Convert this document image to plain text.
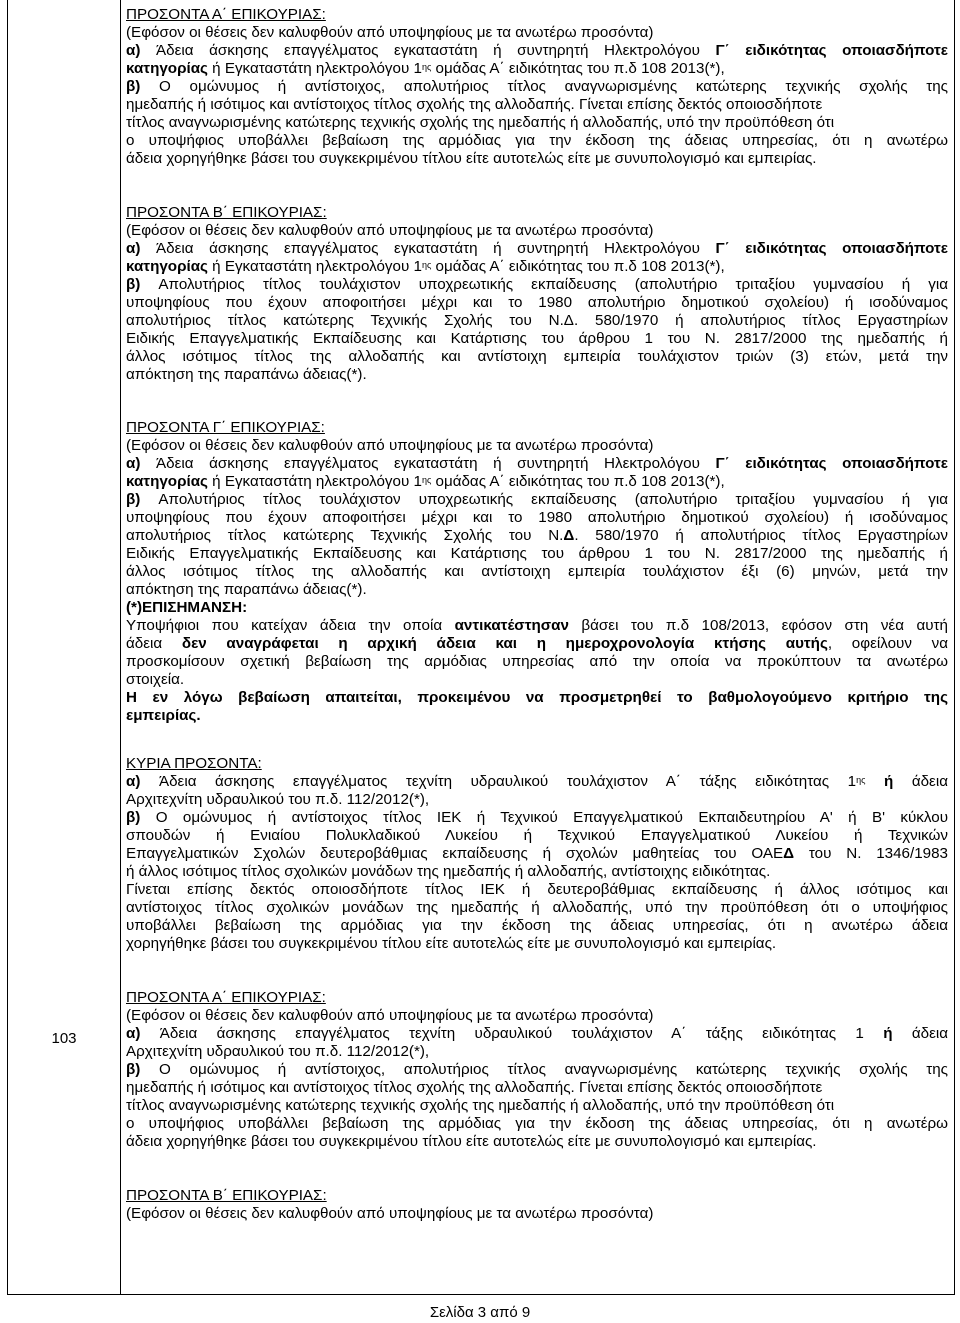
103
ΠΡΟΣΟΝΤΑ Α΄ ΕΠΙΚΟΥΡΙΑΣ:
(Εφόσον οι θέσεις δεν καλυφθούν από υποψηφίους με τα ανωτέρω προσόντα)
α) Άδεια άσκησης επαγγέλματος εγκαταστάτη ή συντηρητή Ηλεκτρολόγου Γ΄ ειδικότητας οποιασδήποτε
κατηγορίας ή Εγκαταστάτη ηλεκτρολόγου $1^{\eta\varsigma}$ ομάδας Α΄ ειδικότητας του π.δ 108 2013(*),
β) Ο ομώνυμος ή αντίστοιχος, απολυτήριος τίτλος αναγνωρισμένης κατώτερης τεχνικής σχολής της
ημεδαπής ή ισότιμος και αντίστοιχος τίτλος σχολής της αλλοδαπής. Γίνεται επίσης δεκτός οποιοσδήποτε
τίτλος αναγνωρισμένης κατώτερης τεχνικής σχολής της ημεδαπής ή αλλοδαπής, υπό την προϋπόθεση ότι
ο υποψήφιος υποβάλλει βεβαίωση της αρμόδιας για την έκδοση της άδειας υπηρεσίας, ότι η ανωτέρω
άδεια χορηγήθηκε βάσει του συγκεκριμένου τίτλου είτε αυτοτελώς είτε με συνυπολογισμό και εμπειρίας.
ΠΡΟΣΟΝΤΑ Β΄ ΕΠΙΚΟΥΡΙΑΣ:
(Εφόσον οι θέσεις δεν καλυφθούν από υποψηφίους με τα ανωτέρω προσόντα)
α) Άδεια άσκησης επαγγέλματος εγκαταστάτη ή συντηρητή Ηλεκτρολόγου Γ΄ ειδικότητας οποιασδήποτε
κατηγορίας ή Εγκαταστάτη ηλεκτρολόγου $1^{\eta\varsigma}$ ομάδας Α΄ ειδικότητας του π.δ 108 2013(*),
β) Απολυτήριος τίτλος τουλάχιστον υποχρεωτικής εκπαίδευσης (απολυτήριο τριταξίου γυμνασίου ή για
υποψηφίους που έχουν αποφοιτήσει μέχρι και το 1980 απολυτήριο δημοτικού σχολείου) ή ισοδύναμος
απολυτήριος τίτλος κατώτερης Τεχνικής Σχολής του Ν.Δ. 580/1970 ή απολυτήριος τίτλος Εργαστηρίων
Ειδικής Επαγγελματικής Εκπαίδευσης και Κατάρτισης του άρθρου 1 του Ν. 2817/2000 της ημεδαπής ή
άλλος ισότιμος τίτλος της αλλοδαπής και αντίστοιχη εμπειρία τουλάχιστον τριών (3) ετών, μετά την
απόκτηση της παραπάνω άδειας(*).
ΠΡΟΣΟΝΤΑ Γ΄ ΕΠΙΚΟΥΡΙΑΣ:
(Εφόσον οι θέσεις δεν καλυφθούν από υποψηφίους με τα ανωτέρω προσόντα)
α) Άδεια άσκησης επαγγέλματος εγκαταστάτη ή συντηρητή Ηλεκτρολόγου Γ΄ ειδικότητας οποιασδήποτε
κατηγορίας ή Εγκαταστάτη ηλεκτρολόγου $1^{\eta\varsigma}$ ομάδας Α΄ ειδικότητας του π.δ 108 2013(*),
β) Απολυτήριος τίτλος τουλάχιστον υποχρεωτικής εκπαίδευσης (απολυτήριο τριταξίου γυμνασίου ή για
υποψηφίους που έχουν αποφοιτήσει μέχρι και το 1980 απολυτήριο δημοτικού σχολείου) ή ισοδύναμος
απολυτήριος τίτλος κατώτερης Τεχνικής Σχολής του Ν.Δ. 580/1970 ή απολυτήριος τίτλος Εργαστηρίων
Ειδικής Επαγγελματικής Εκπαίδευσης και Κατάρτισης του άρθρου 1 του Ν. 2817/2000 της ημεδαπής ή
άλλος ισότιμος τίτλος της αλλοδαπής και αντίστοιχη εμπειρία τουλάχιστον έξι (6) μηνών, μετά την
απόκτηση της παραπάνω άδειας(*).
(*)ΕΠΙΣΗΜΑΝΣΗ:
Υποψήφιοι που κατείχαν άδεια την οποία αντικατέστησαν βάσει του π.δ 108/2013, εφόσον στη νέα αυτή
άδεια δεν αναγράφεται η αρχική άδεια και η ημεροχρονολογία κτήσης αυτής, οφείλουν να
προσκομίσουν σχετική βεβαίωση της αρμόδιας υπηρεσίας από την οποία να προκύπτουν τα ανωτέρω
στοιχεία.
Η εν λόγω βεβαίωση απαιτείται, προκειμένου να προσμετρηθεί το βαθμολογούμενο κριτήριο της
εμπειρίας.
ΚΥΡΙΑ ΠΡΟΣΟΝΤΑ:
α) Άδεια άσκησης επαγγέλματος τεχνίτη υδραυλικού τουλάχιστον Α΄ τάξης ειδικότητας $1^{\eta\varsigma}$ ή άδεια
Αρχιτεχνίτη υδραυλικού του π.δ. 112/2012(*),
β) Ο ομώνυμος ή αντίστοιχος τίτλος ΙΕΚ ή Τεχνικού Επαγγελματικού Εκπαιδευτηρίου Α' ή Β' κύκλου
σπουδών ή Ενιαίου Πολυκλαδικού Λυκείου ή Τεχνικού Επαγγελματικού Λυκείου ή Τεχνικών
Επαγγελματικών Σχολών δευτεροβάθμιας εκπαίδευσης ή σχολών μαθητείας του ΟΑΕΔ του Ν. 1346/1983
ή άλλος ισότιμος τίτλος σχολικών μονάδων της ημεδαπής ή αλλοδαπής, αντίστοιχης ειδικότητας.
Γίνεται επίσης δεκτός οποιοσδήποτε τίτλος ΙΕΚ ή δευτεροβάθμιας εκπαίδευσης ή άλλος ισότιμος και
αντίστοιχος τίτλος σχολικών μονάδων της ημεδαπής ή αλλοδαπής, υπό την προϋπόθεση ότι ο υποψήφιος
υποβάλλει βεβαίωση της αρμόδιας για την έκδοση της άδειας υπηρεσίας, ότι η ανωτέρω άδεια
χορηγήθηκε βάσει του συγκεκριμένου τίτλου είτε αυτοτελώς είτε με συνυπολογισμό και εμπειρίας.
ΠΡΟΣΟΝΤΑ Α΄ ΕΠΙΚΟΥΡΙΑΣ:
(Εφόσον οι θέσεις δεν καλυφθούν από υποψηφίους με τα ανωτέρω προσόντα)
α) Άδεια άσκησης επαγγέλματος τεχνίτη υδραυλικού τουλάχιστον Α΄ τάξης ειδικότητας 1 ή άδεια
Αρχιτεχνίτη υδραυλικού του π.δ. 112/2012(*),
β) Ο ομώνυμος ή αντίστοιχος, απολυτήριος τίτλος αναγνωρισμένης κατώτερης τεχνικής σχολής της
ημεδαπής ή ισότιμος και αντίστοιχος τίτλος σχολής της αλλοδαπής. Γίνεται επίσης δεκτός οποιοσδήποτε
τίτλος αναγνωρισμένης κατώτερης τεχνικής σχολής της ημεδαπής ή αλλοδαπής, υπό την προϋπόθεση ότι
ο υποψήφιος υποβάλλει βεβαίωση της αρμόδιας για την έκδοση της άδειας υπηρεσίας, ότι η ανωτέρω
άδεια χορηγήθηκε βάσει του συγκεκριμένου τίτλου είτε αυτοτελώς είτε με συνυπολογισμό και εμπειρίας.
ΠΡΟΣΟΝΤΑ Β΄ ΕΠΙΚΟΥΡΙΑΣ:
(Εφόσον οι θέσεις δεν καλυφθούν από υποψηφίους με τα ανωτέρω προσόντα)
Σελίδα 3 από 9
